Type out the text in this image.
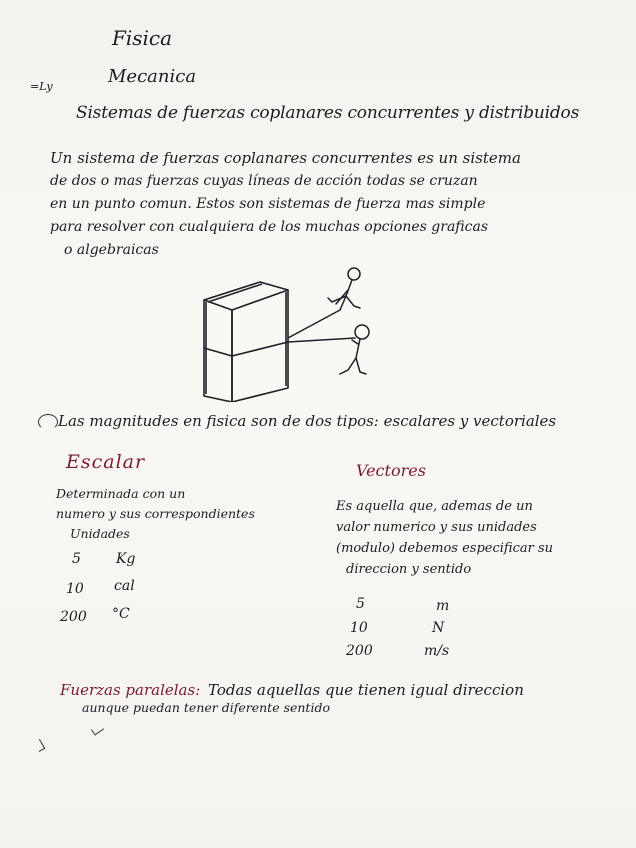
Fisica
=Ly	Mecanica
Sistemas de fuerzas coplanares concurrentes y distribuidos
Un sistema de fuerzas coplanares concurrentes es un sistema
de dos o mas fuerzas cuyas líneas de acción todas se cruzan
en un punto comun. Estos son sistemas de fuerza mas simple
para resolver con cualquiera de los muchas opciones graficas
o algebraicas
Las magnitudes en fisica son de dos tipos: escalares y vectoriales
Escalar
Determinada con un
numero y sus correspondientes
Unidades
5	Kg
10 cal
200 °C
Vectores
Es aquella que, ademas de un
valor numerico y sus unidades
(modulo) debemos especificar su
direccion y sentido
5	m
10	N
200	m/s
Fuerzas paralelas: Todas aquellas que tienen igual direccion
aunque puedan tener diferente sentido
